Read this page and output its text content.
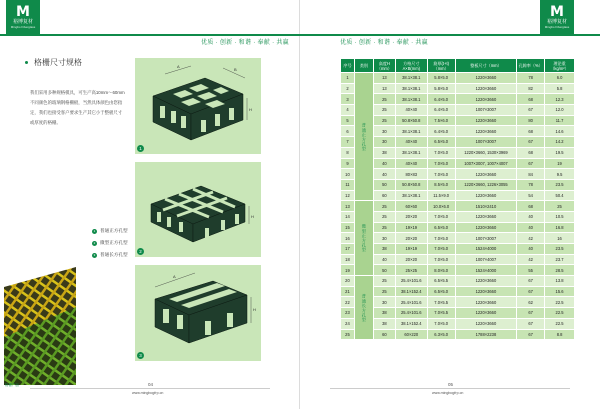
M
裕博复材
Mingbo Fiberglass
优质 · 创新 · 和谐 · 奉献 · 共赢
格栅尺寸规格
我们采用多种规格模具，可生产高10mm～60mm不同颜色的玻璃钢格栅板，当然具体颜色由您指定，我们也接受客户要求生产其它小于整板尺寸或厚度的格栅。
1	普通正方孔型
2	微型正方孔型
3	普通长方孔型
A
B
H
1
H
2
A
H
3
格栅产品	04
www.mingbogfrp.cn
M
裕博复材
Mingbo Fiberglass
优质 · 创新 · 和谐 · 奉献 · 共赢
05
www.mingbogfrp.cn
序号	类别	高度H（mm）	方格尺寸 A×B(mm)	筋厚(t+t) （mm）	整板尺寸（mm）	孔隙率（%）	理论重 （kg/m²）
1	普通正方孔型	13	38.1×38.1	5.8×5.0	1220×3660	78	6.0
2		13	38.1×38.1	5.8×5.0	1220×3660	82	5.8
3		25	38.1×38.1	6.4×5.0	1220×3660	68	12.3
4		25	40×40	6.4×5.0	1007×3007	67	12.0
5		25	50.8×50.8	7.5×6.0	1220×3660	80	11.7
6		30	38.1×38.1	6.4×5.0	1220×3660	68	14.6
7		30	40×40	6.5×5.0	1007×3007	67	14.2
8		38	38.1×38.1	7.0×5.0	1220×3660, 1530×3969	68	19.5
9		40	40×40	7.0×5.0	1007×3007, 1007×4007	67	19
10		40	80×83	7.0×5.0	1220×3660	84	9.5
11		50	50.8×50.8	8.5×5.0	1220×3660, 1226×3055	78	23.5
12		60	38.1×38.1	11.5×9.0	1220×3660	54	50.4
13	微型正方孔型	25	60×60	10.0×6.0	1510×2410	68	25
14		25	20×20	7.0×5.0	1220×3660	40	10.5
15		25	19×19	6.5×5.0	1220×3660	40	16.8
16		30	20×20	7.0×5.0	1007×3007	42	16
17		38	19×19	7.0×5.0	1524×4000	40	23.5
18		40	20×20	7.0×5.0	1007×4007	42	23.7
19		50	25×25	8.0×5.0	1524×4000	55	28.5
20	普通长方孔型	25	25.4×101.6	6.5×5.5	1220×3660	67	13.8
21		25	38.1×152.4	6.5×5.0	1220×3660	67	15.6
22		30	25.4×101.6	7.0×5.5	1220×3660	62	22.5
23		38	25.4×101.6	7.0×5.5	1220×3660	67	22.5
24		38	38.1×152.4	7.0×5.0	1220×3660	67	22.5
25		60	60×220	6.3×5.0	1788×2238	67	8.8
